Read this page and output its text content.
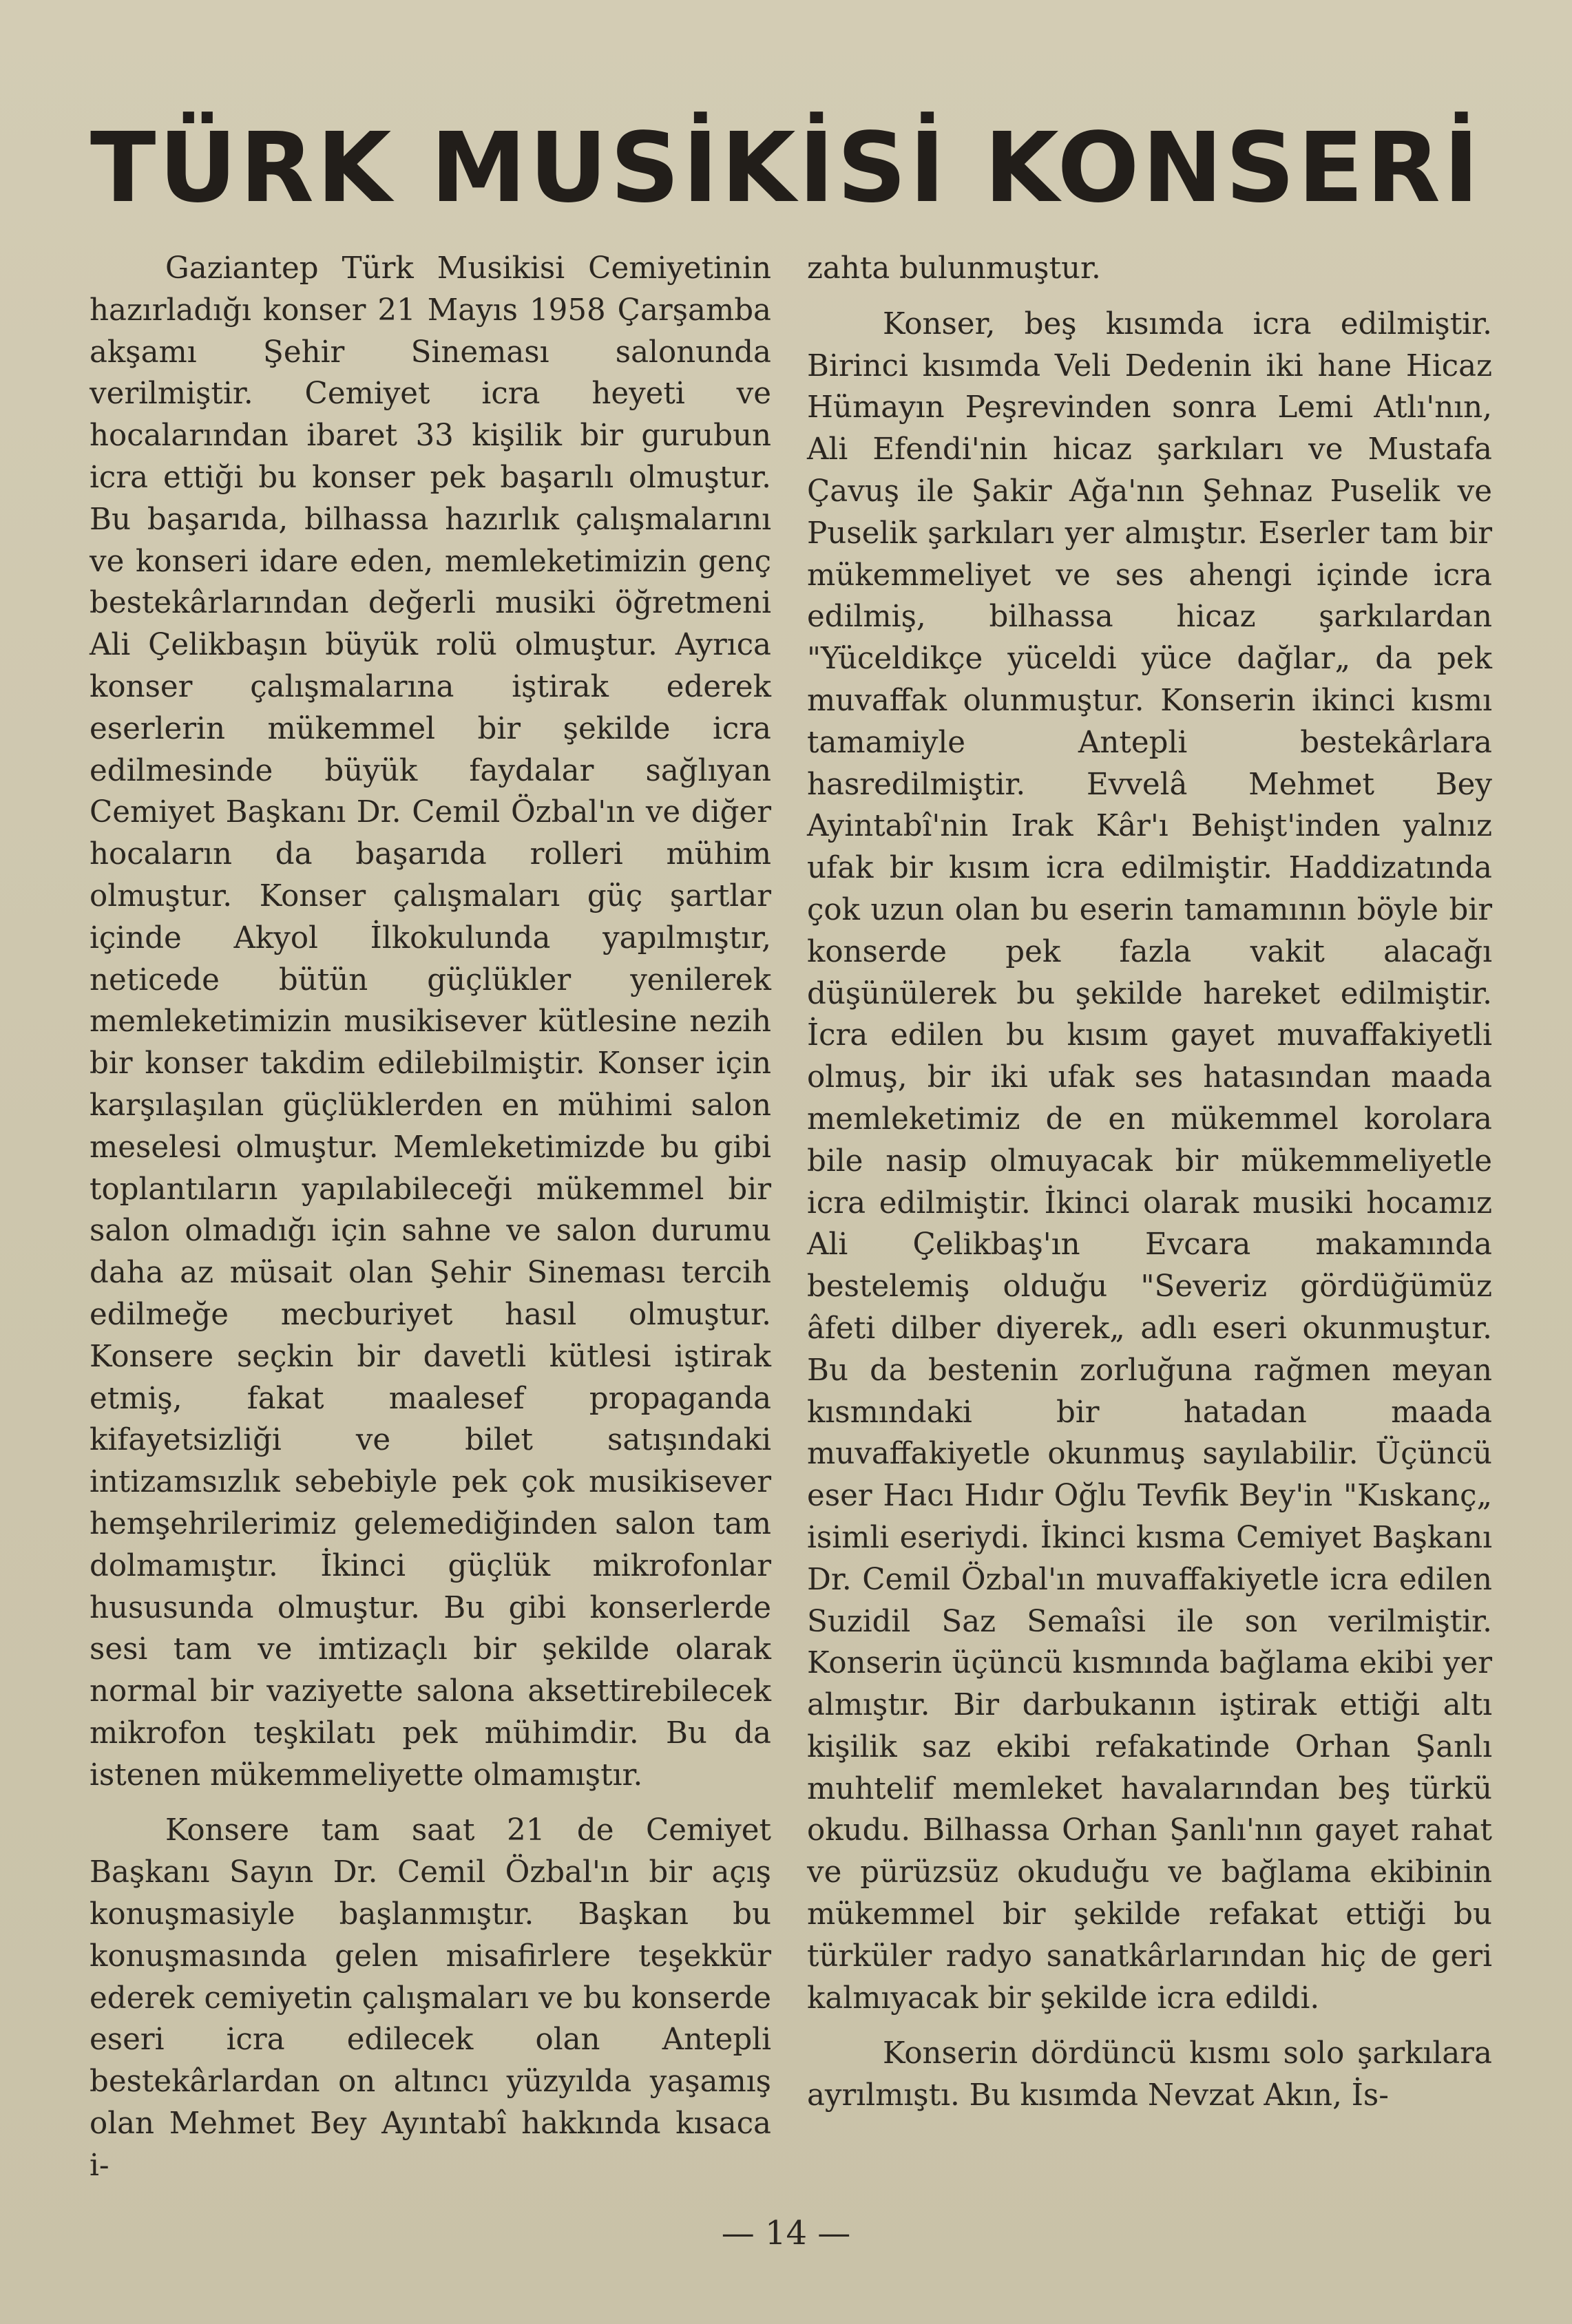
TÜRK MUSİKİSİ KONSERİ

Gaziantep Türk Musikisi Cemiyetinin hazırladığı konser 21 Mayıs 1958 Çarşamba akşamı Şehir Sineması salonunda verilmiştir. Cemiyet icra heyeti ve hocalarından ibaret 33 kişilik bir gurubun icra ettiği bu konser pek başarılı olmuştur. Bu başarıda, bilhassa hazırlık çalışmalarını ve konseri idare eden, memleketimizin genç bestekârlarından değerli musiki öğretmeni Ali Çelikbaşın büyük rolü olmuştur. Ayrıca konser çalışmalarına iştirak ederek eserlerin mükemmel bir şekilde icra edilmesinde büyük faydalar sağlıyan Cemiyet Başkanı Dr. Cemil Özbal'ın ve diğer hocaların da başarıda rolleri mühim olmuştur. Konser çalışmaları güç şartlar içinde Akyol İlkokulunda yapılmıştır, neticede bütün güçlükler yenilerek memleketimizin musikisever kütlesine nezih bir konser takdim edilebilmiştir. Konser için karşılaşılan güçlüklerden en mühimi salon meselesi olmuştur. Memleketimizde bu gibi toplantıların yapılabileceği mükemmel bir salon olmadığı için sahne ve salon durumu daha az müsait olan Şehir Sineması tercih edilmeğe mecburiyet hasıl olmuştur. Konsere seçkin bir davetli kütlesi iştirak etmiş, fakat maalesef propaganda kifayetsizliği ve bilet satışındaki intizamsızlık sebebiyle pek çok musikisever hemşehrilerimiz gelemediğinden salon tam dolmamıştır. İkinci güçlük mikrofonlar hususunda olmuştur. Bu gibi konserlerde sesi tam ve imtizaçlı bir şekilde olarak normal bir vaziyette salona aksettirebilecek mikrofon teşkilatı pek mühimdir. Bu da istenen mükemmeliyette olmamıştır.

Konsere tam saat 21 de Cemiyet Başkanı Sayın Dr. Cemil Özbal'ın bir açış konuşmasiyle başlanmıştır. Başkan bu konuşmasında gelen misafirlere teşekkür ederek cemiyetin çalışmaları ve bu konserde eseri icra edilecek olan Antepli bestekârlardan on altıncı yüzyılda yaşamış olan Mehmet Bey Ayıntabî hakkında kısaca i-

zahta bulunmuştur.

Konser, beş kısımda icra edilmiştir. Birinci kısımda Veli Dedenin iki hane Hicaz Hümayın Peşrevinden sonra Lemi Atlı'nın, Ali Efendi'nin hicaz şarkıları ve Mustafa Çavuş ile Şakir Ağa'nın Şehnaz Puselik ve Puselik şarkıları yer almıştır. Eserler tam bir mükemmeliyet ve ses ahengi içinde icra edilmiş, bilhassa hicaz şarkılardan "Yüceldikçe yüceldi yüce dağlar„ da pek muvaffak olunmuştur. Konserin ikinci kısmı tamamiyle Antepli bestekârlara hasredilmiştir. Evvelâ Mehmet Bey Ayintabî'nin Irak Kâr'ı Behişt'inden yalnız ufak bir kısım icra edilmiştir. Haddizatında çok uzun olan bu eserin tamamının böyle bir konserde pek fazla vakit alacağı düşünülerek bu şekilde hareket edilmiştir. İcra edilen bu kısım gayet muvaffakiyetli olmuş, bir iki ufak ses hatasından maada memleketimiz de en mükemmel korolara bile nasip olmuyacak bir mükemmeliyetle icra edilmiştir. İkinci olarak musiki hocamız Ali Çelikbaş'ın Evcara makamında bestelemiş olduğu "Severiz gördüğümüz âfeti dilber diyerek„ adlı eseri okunmuştur. Bu da bestenin zorluğuna rağmen meyan kısmındaki bir hatadan maada muvaffakiyetle okunmuş sayılabilir. Üçüncü eser Hacı Hıdır Oğlu Tevfik Bey'in "Kıskanç„ isimli eseriydi. İkinci kısma Cemiyet Başkanı Dr. Cemil Özbal'ın muvaffakiyetle icra edilen Suzidil Saz Semaîsi ile son verilmiştir. Konserin üçüncü kısmında bağlama ekibi yer almıştır. Bir darbukanın iştirak ettiği altı kişilik saz ekibi refakatinde Orhan Şanlı muhtelif memleket havalarından beş türkü okudu. Bilhassa Orhan Şanlı'nın gayet rahat ve pürüzsüz okuduğu ve bağlama ekibinin mükemmel bir şekilde refakat ettiği bu türküler radyo sanatkârlarından hiç de geri kalmıyacak bir şekilde icra edildi.

Konserin dördüncü kısmı solo şarkılara ayrılmıştı. Bu kısımda Nevzat Akın, İs-

— 14 —
